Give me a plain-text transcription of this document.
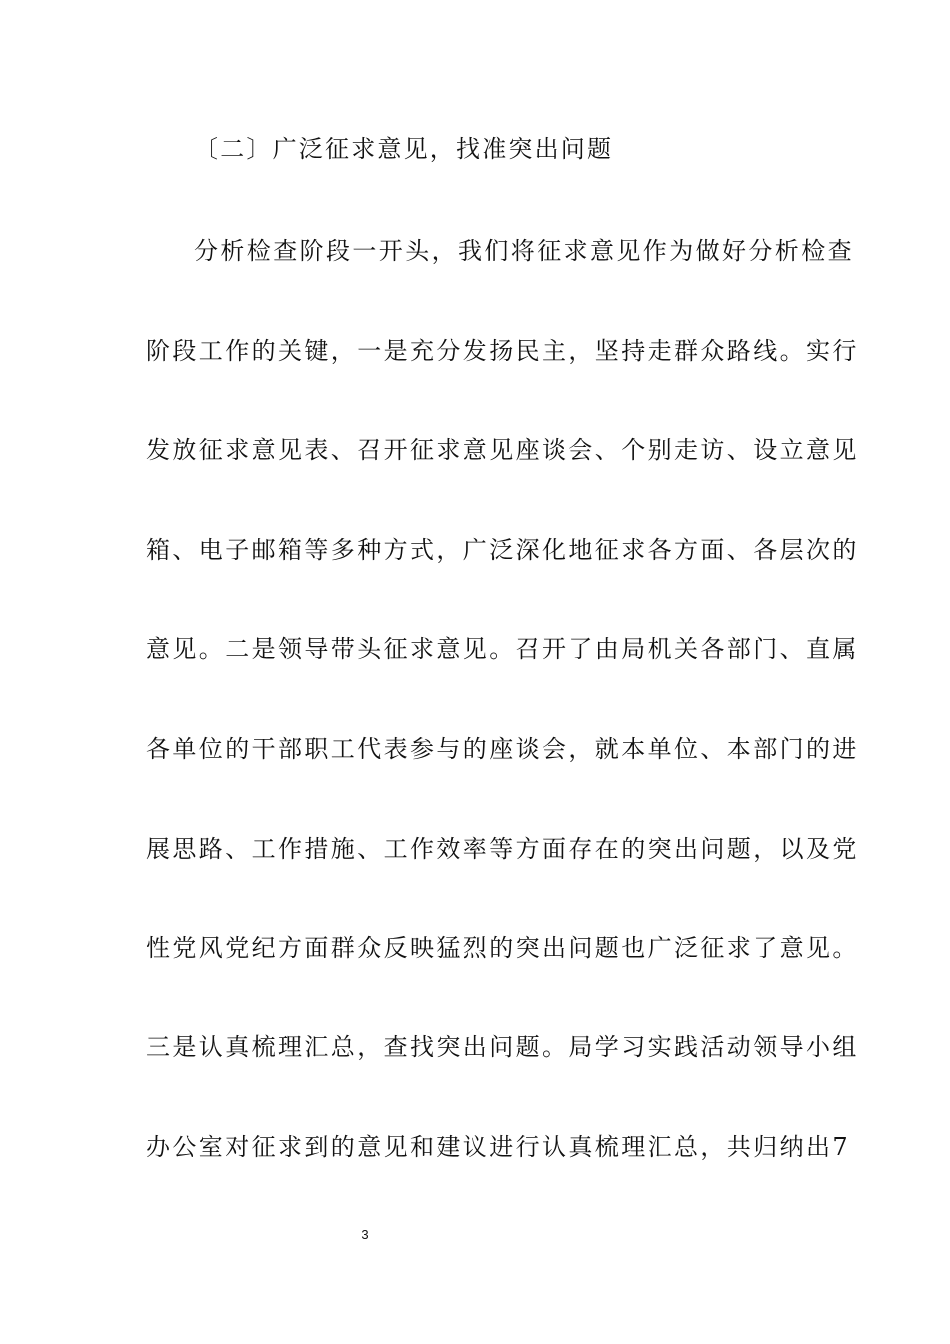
〔二〕广泛征求意见，找准突出问题
分析检查阶段一开头，我们将征求意见作为做好分析检查
阶段工作的关键，一是充分发扬民主，坚持走群众路线。实行
发放征求意见表、召开征求意见座谈会、个别走访、设立意见
箱、电子邮箱等多种方式，广泛深化地征求各方面、各层次的
意见。二是领导带头征求意见。召开了由局机关各部门、直属
各单位的干部职工代表参与的座谈会，就本单位、本部门的进
展思路、工作措施、工作效率等方面存在的突出问题，以及党
性党风党纪方面群众反映猛烈的突出问题也广泛征求了意见。
三是认真梳理汇总，查找突出问题。局学习实践活动领导小组
办公室对征求到的意见和建议进行认真梳理汇总，共归纳出7
3
